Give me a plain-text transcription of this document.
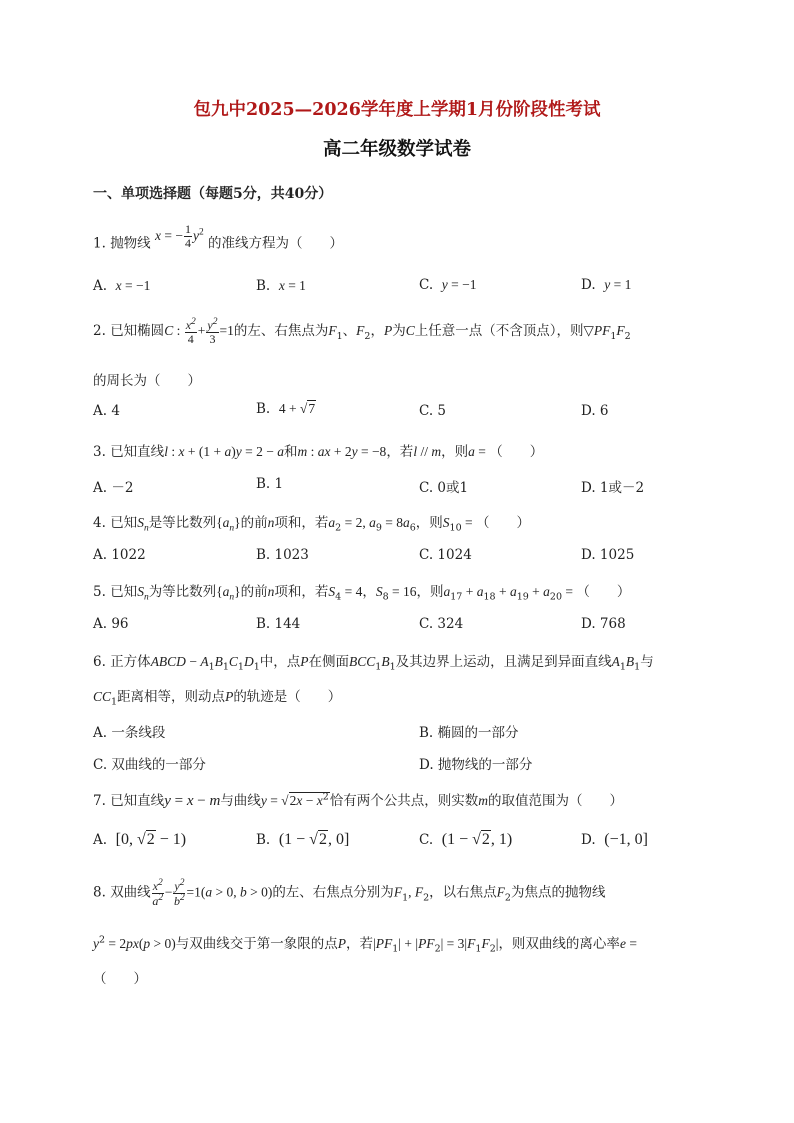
包九中2025—2026学年度上学期1月份阶段性考试
高二年级数学试卷
一、单项选择题（每题5分，共40分）
1. 抛物线 x = − $\frac{1}{4} y^2$ 的准线方程为（　　）
A. x = −1	B. x = 1	C. y = −1	D. y = 1
2. 已知椭圆C : $\frac{x^2}{4} + \frac{y^2}{3} =1$的左、右焦点为$F_1$、$F_2$，P为C上任意一点（不含顶点），则$▽PF_1F_2$
的周长为（　　）
A. 4	B. 4 + √7	C. 5	D. 6
3. 已知直线l : x + (1 + a)y = 2 − a和m : ax + 2y = −8，若l // m，则a = （　　）
A. －2	B. 1	C. 0或1	D. 1或－2
4. 已知$S_n$是等比数列$\{a_n\}$的前n项和，若$a_2 = 2$, $a_9 = 8a_6$，则$S_{10}$ = （　　）
A. 1022	B. 1023	C. 1024	D. 1025
5. 已知$S_n$为等比数列$\{a_n\}$的前n项和，若$S_4 = 4$，$S_8 = 16$，则$a_{17} + a_{18} + a_{19} + a_{20}$ = （　　）
A. 96	B. 144	C. 324	D. 768
6. 正方体ABCD − $A_1B_1C_1D_1$中，点P在侧面$BCC_1B_1$及其边界上运动，且满足到异面直线$A_1B_1$与
$CC_1$距离相等，则动点P的轨迹是（　　）
A. 一条线段	B. 椭圆的一部分
C. 双曲线的一部分	D. 抛物线的一部分
7. 已知直线y = x − m与曲线$y = √2x - x^2$恰有两个公共点，则实数m的取值范围为（　　）
A. [0, √2 − 1)	B. (1 − √2, 0]	C. (1 − √2, 1)	D. (−1, 0]
8. 双曲线 $\frac{x^2}{a^2} - \frac{y^2}{b^2} =1(a > 0$, b > 0)的左、右焦点分别为$F_1$, $F_2$，以右焦点$F_2$为焦点的抛物线
$y^2 = 2px(p > 0)$与双曲线交于第一象限的点P，若$|PF_1| + |PF_2| = 3|F_1F_2|$，则双曲线的离心率e =
（　　）
